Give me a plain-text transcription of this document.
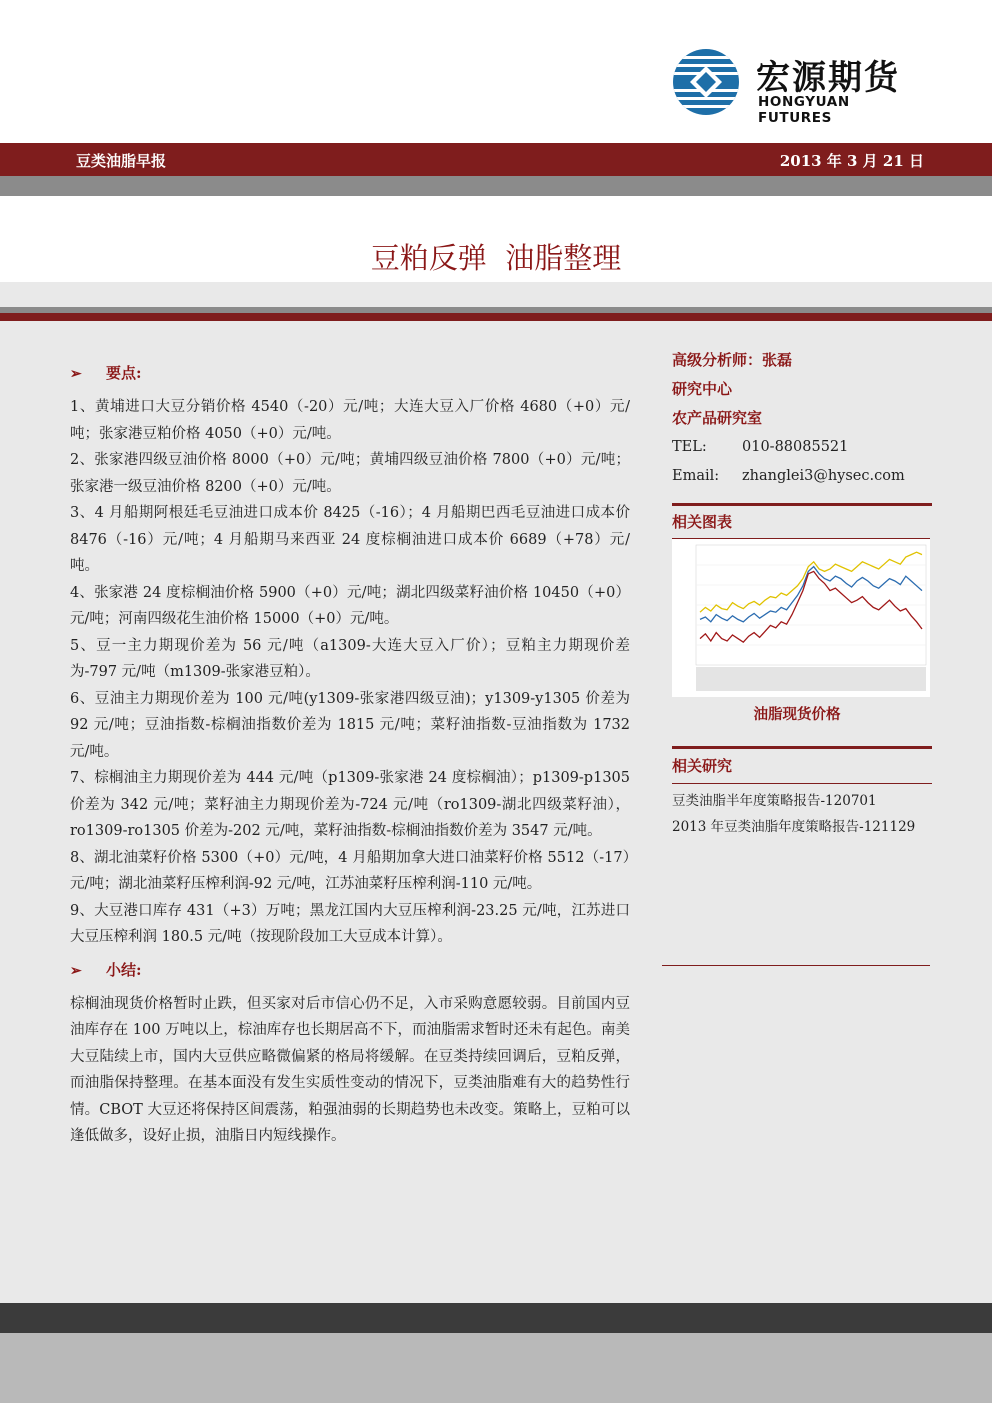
宏源期货
HONGYUAN FUTURES
豆类油脂早报	2013 年 3 月 21 日
豆粕反弹  油脂整理
➢ 要点:

1、黄埔进口大豆分销价格 4540（-20）元/吨；大连大豆入厂价格 4680（+0）元/吨；张家港豆粕价格 4050（+0）元/吨。

2、张家港四级豆油价格 8000（+0）元/吨；黄埔四级豆油价格 7800（+0）元/吨；张家港一级豆油价格 8200（+0）元/吨。

3、4 月船期阿根廷毛豆油进口成本价 8425（-16）；4 月船期巴西毛豆油进口成本价 8476（-16）元/吨；4 月船期马来西亚 24 度棕榈油进口成本价 6689（+78）元/吨。

4、张家港 24 度棕榈油价格 5900（+0）元/吨；湖北四级菜籽油价格 10450（+0）元/吨；河南四级花生油价格 15000（+0）元/吨。

5、豆一主力期现价差为 56 元/吨（a1309-大连大豆入厂价）；豆粕主力期现价差为-797 元/吨（m1309-张家港豆粕）。

6、豆油主力期现价差为 100 元/吨(y1309-张家港四级豆油)；y1309-y1305 价差为 92 元/吨；豆油指数-棕榈油指数价差为 1815 元/吨；菜籽油指数-豆油指数为 1732 元/吨。

7、棕榈油主力期现价差为 444 元/吨（p1309-张家港 24 度棕榈油）；p1309-p1305 价差为 342 元/吨；菜籽油主力期现价差为-724 元/吨（ro1309-湖北四级菜籽油），ro1309-ro1305 价差为-202 元/吨，菜籽油指数-棕榈油指数价差为 3547 元/吨。

8、湖北油菜籽价格 5300（+0）元/吨，4 月船期加拿大进口油菜籽价格 5512（-17）元/吨；湖北油菜籽压榨利润-92 元/吨，江苏油菜籽压榨利润-110 元/吨。

9、大豆港口库存 431（+3）万吨；黑龙江国内大豆压榨利润-23.25 元/吨，江苏进口大豆压榨利润 180.5 元/吨（按现阶段加工大豆成本计算）。

➢ 小结:

棕榈油现货价格暂时止跌，但买家对后市信心仍不足，入市采购意愿较弱。目前国内豆油库存在 100 万吨以上，棕油库存也长期居高不下，而油脂需求暂时还未有起色。南美大豆陆续上市，国内大豆供应略微偏紧的格局将缓解。在豆类持续回调后，豆粕反弹，而油脂保持整理。在基本面没有发生实质性变动的情况下，豆类油脂难有大的趋势性行情。CBOT 大豆还将保持区间震荡，粕强油弱的长期趋势也未改变。策略上，豆粕可以逢低做多，设好止损，油脂日内短线操作。

高级分析师：张磊
研究中心
农产品研究室
TEL: 010-88085521
Email: zhanglei3@hysec.com
相关图表
油脂现货价格
相关研究
豆类油脂半年度策略报告-120701
2013 年豆类油脂年度策略报告-121129
